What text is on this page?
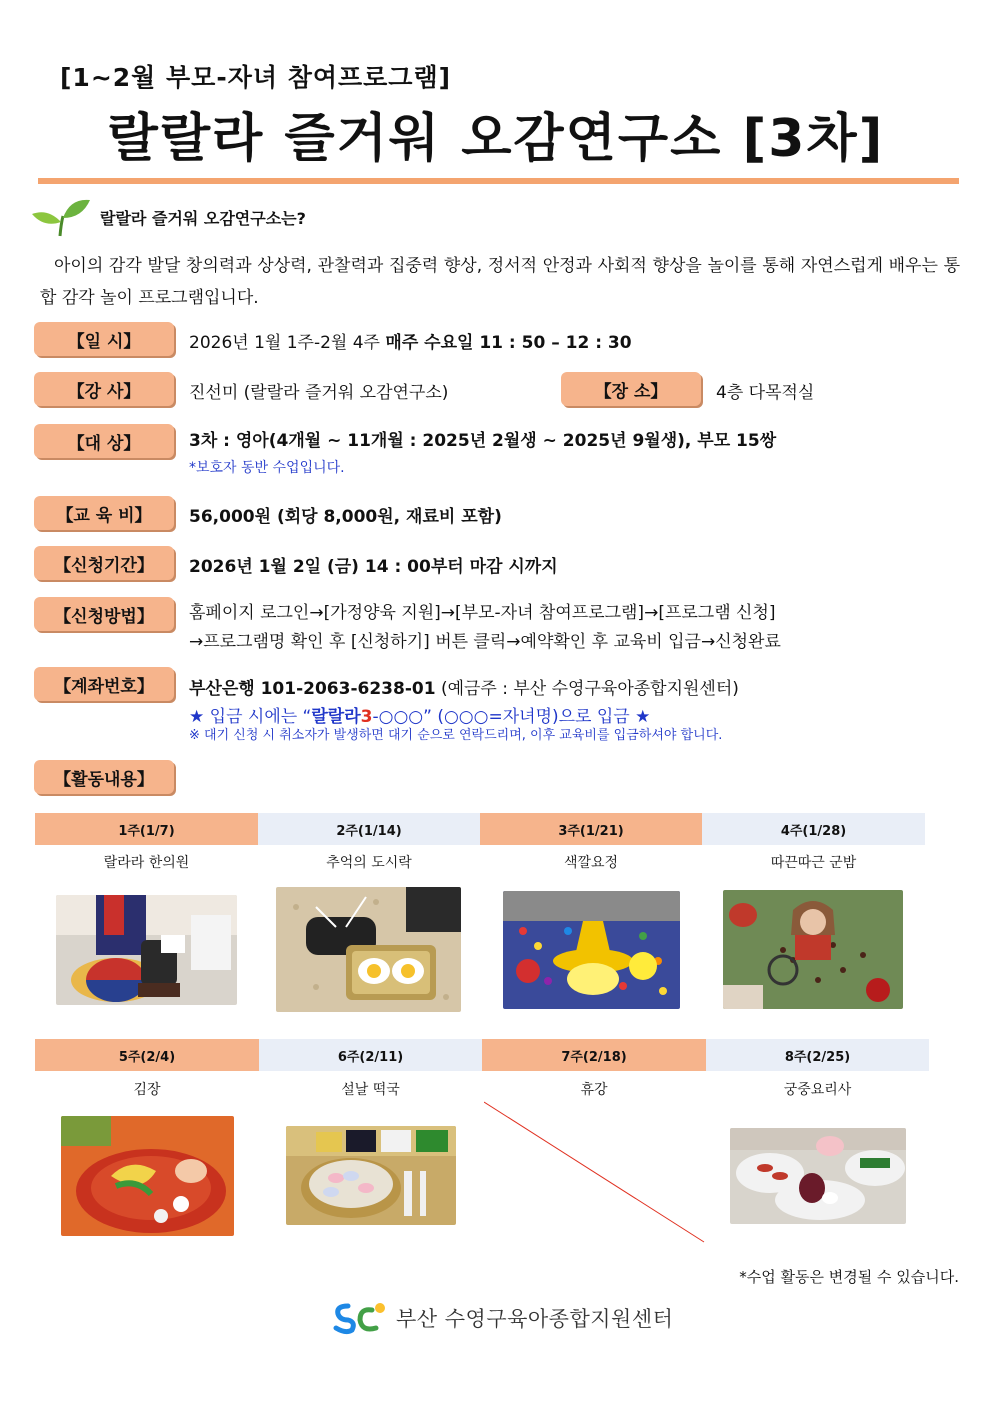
[1~2월 부모-자녀 참여프로그램]
랄랄라 즐거워 오감연구소 [3차]
랄랄라 즐거워 오감연구소는?
아이의 감각 발달 창의력과 상상력, 관찰력과 집중력 향상, 정서적 안정과 사회적 향상을 놀이를 통해 자연스럽게 배우는 통합 감각 놀이 프로그램입니다.
【일 시】	2026년 1월 1주-2월 4주 매주 수요일 11 : 50 – 12 : 30
【강 사】	진선미 (랄랄라 즐거워 오감연구소)	【장 소】	4층 다목적실
【대 상】	3차 : 영아(4개월 ~ 11개월 : 2025년 2월생 ~ 2025년 9월생), 부모 15쌍
*보호자 동반 수업입니다.
【교 육 비】	56,000원 (회당 8,000원, 재료비 포함)
【신청기간】	2026년 1월 2일 (금) 14 : 00부터 마감 시까지
【신청방법】	홈페이지 로그인→[가정양육 지원]→[부모-자녀 참여프로그램]→[프로그램 신청]
→프로그램명 확인 후 [신청하기] 버튼 클릭→예약확인 후 교육비 입금→신청완료
【계좌번호】	부산은행 101-2063-6238-01 (예금주 : 부산 수영구육아종합지원센터)
★ 입금 시에는 “랄랄라3-○○○” (○○○=자녀명)으로 입금 ★
※ 대기 신청 시 취소자가 발생하면 대기 순으로 연락드리며, 이후 교육비를 입금하셔야 합니다.
【활동내용】
1주(1/7)	2주(1/14)	3주(1/21)	4주(1/28)
랄라라 한의원	추억의 도시락	색깔요정	따끈따근 군밤
5주(2/4)	6주(2/11)	7주(2/18)	8주(2/25)
김장	설날 떡국	휴강	궁중요리사
*수업 활동은 변경될 수 있습니다.
부산 수영구육아종합지원센터
